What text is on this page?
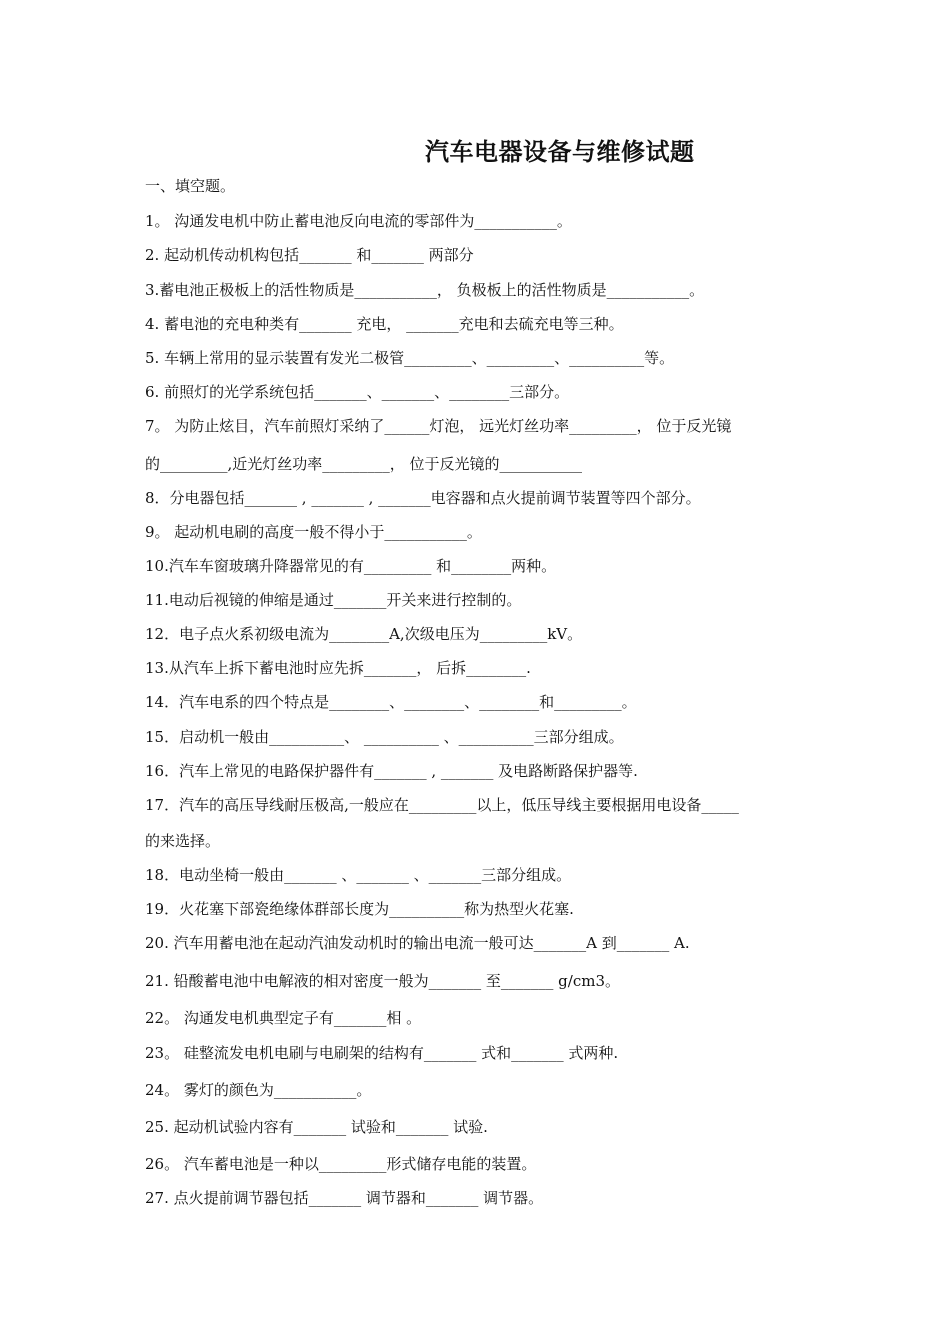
汽车电器设备与维修试题
一、填空题。
1。 沟通发电机中防止蓄电池反向电流的零部件为___________。
2. 起动机传动机构包括_______ 和_______ 两部分
3.蓄电池正极板上的活性物质是___________， 负极板上的活性物质是___________。
4. 蓄电池的充电种类有_______ 充电， _______充电和去硫充电等三种。
5. 车辆上常用的显示装置有发光二极管_________、_________、__________等。
6. 前照灯的光学系统包括_______、_______、________三部分。
7。 为防止炫目，汽车前照灯采纳了______灯泡， 远光灯丝功率_________， 位于反光镜
的_________,近光灯丝功率_________， 位于反光镜的___________
8．分电器包括_______ , _______ , _______电容器和点火提前调节装置等四个部分。
9。 起动机电刷的高度一般不得小于___________。
10.汽车车窗玻璃升降器常见的有_________ 和________两种。
11.电动后视镜的伸缩是通过_______开关来进行控制的。
12．电子点火系初级电流为________A,次级电压为_________kV。
13.从汽车上拆下蓄电池时应先拆_______， 后拆________.
14．汽车电系的四个特点是________、________、________和_________。
15．启动机一般由__________、 __________ 、__________三部分组成。
16．汽车上常见的电路保护器件有_______ , _______ 及电路断路保护器等.
17．汽车的高压导线耐压极高,一般应在_________以上，低压导线主要根据用电设备_____
的来选择。
18．电动坐椅一般由_______ 、_______ 、_______三部分组成。
19．火花塞下部瓷绝缘体群部长度为__________称为热型火花塞.
20. 汽车用蓄电池在起动汽油发动机时的输出电流一般可达_______A 到_______ A.
21. 铅酸蓄电池中电解液的相对密度一般为_______ 至_______ g/cm3。
22。 沟通发电机典型定子有_______相 。
23。 硅整流发电机电刷与电刷架的结构有_______ 式和_______ 式两种.
24。 雾灯的颜色为___________。
25. 起动机试验内容有_______ 试验和_______ 试验.
26。 汽车蓄电池是一种以_________形式储存电能的装置。
27. 点火提前调节器包括_______ 调节器和_______ 调节器。
